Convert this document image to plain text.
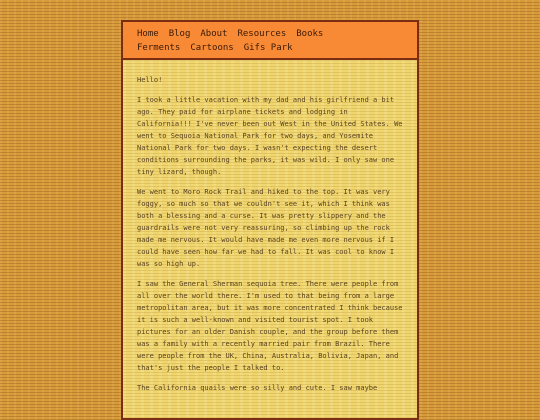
Home Blog About Resources Books
Ferments Cartoons Gifs Park

Hello!

I took a little vacation with my dad and his girlfriend a bit ago. They paid for airplane tickets and lodging in California!!! I've never been out West in the United States. We went to Sequoia National Park for two days, and Yosemite National Park for two days. I wasn't expecting the desert conditions surrounding the parks, it was wild. I only saw one tiny lizard, though.

We went to Moro Rock Trail and hiked to the top. It was very foggy, so much so that we couldn't see it, which I think was both a blessing and a curse. It was pretty slippery and the guardrails were not very reassuring, so climbing up the rock made me nervous. It would have made me even more nervous if I could have seen how far we had to fall. It was cool to know I was so high up.

I saw the General Sherman sequoia tree. There were people from all over the world there. I'm used to that being from a large metropolitan area, but it was more concentrated I think because it is such a well-known and visited tourist spot. I took pictures for an older Danish couple, and the group before them was a family with a recently married pair from Brazil. There were people from the UK, China, Australia, Bolivia, Japan, and that's just the people I talked to.

The California quails were so silly and cute. I saw maybe
